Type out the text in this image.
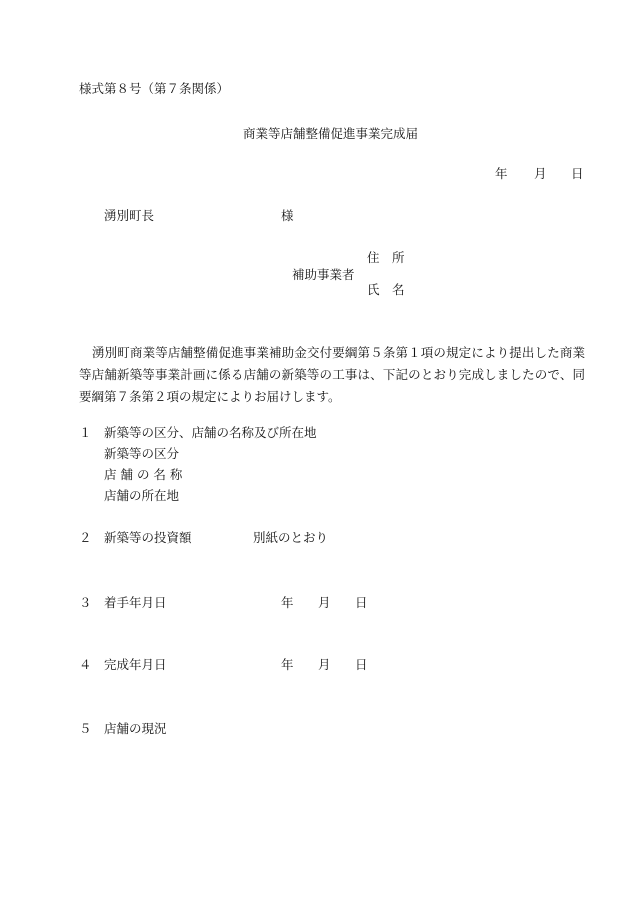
様式第８号（第７条関係）
商業等店舗整備促進事業完成届
年 月 日
湧別町長	様
住　所
補助事業者
氏　名
湧別町商業等店舗整備促進事業補助金交付要綱第５条第１項の規定により提出した商業
等店舗新築等事業計画に係る店舗の新築等の工事は、下記のとおり完成しましたので、同
要綱第７条第２項の規定によりお届けします。
１ 新築等の区分、店舗の名称及び所在地
新築等の区分
店 舗 の 名 称
店舗の所在地
２ 新築等の投資額	別紙のとおり
３ 着手年月日	年 月 日
４ 完成年月日	年 月 日
５ 店舗の現況
